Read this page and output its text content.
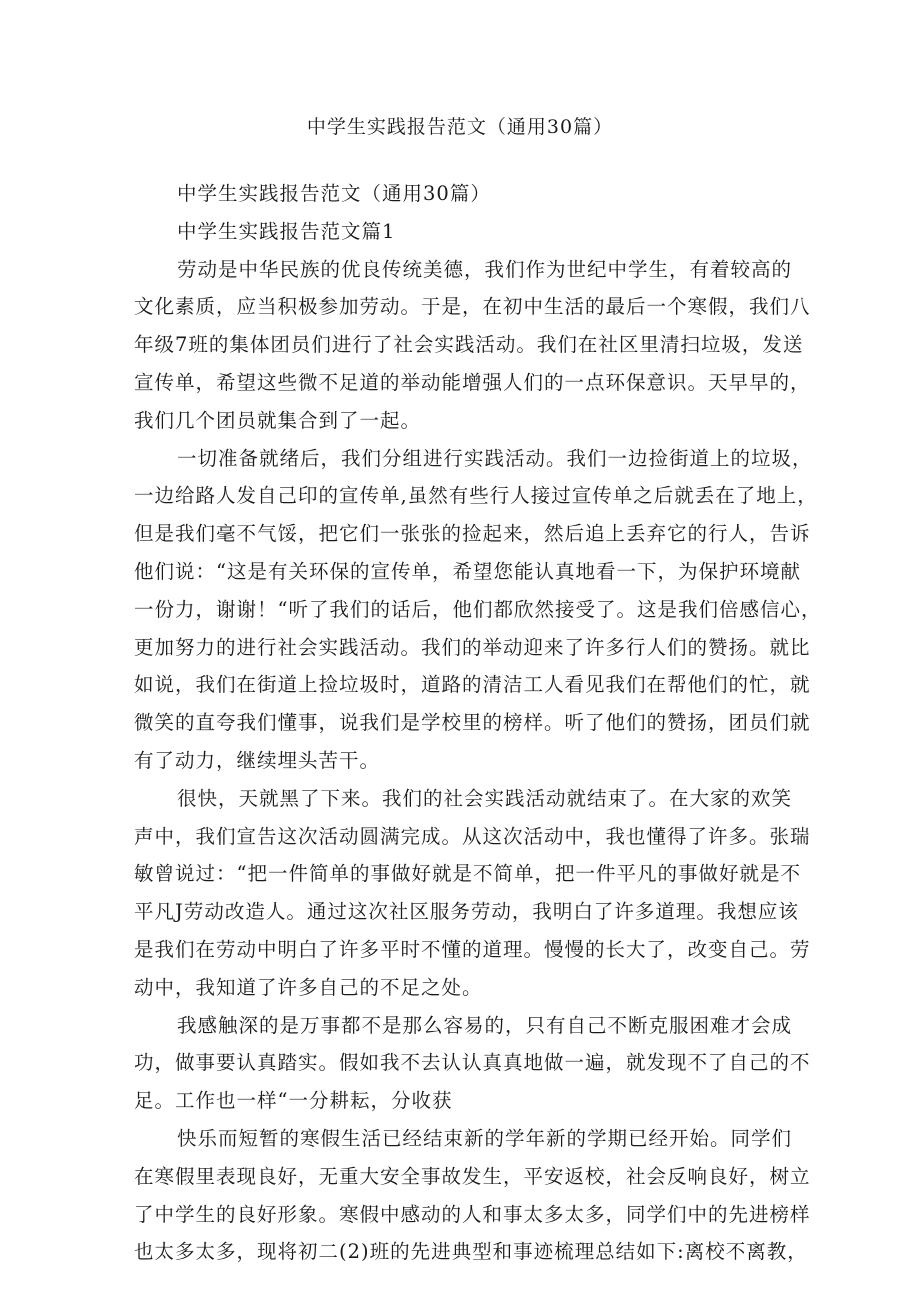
中学生实践报告范文（通用30篇）
中学生实践报告范文（通用30篇）
中学生实践报告范文篇1
劳动是中华民族的优良传统美德，我们作为世纪中学生，有着较高的
文化素质，应当积极参加劳动。于是，在初中生活的最后一个寒假，我们八
年级7班的集体团员们进行了社会实践活动。我们在社区里清扫垃圾，发送
宣传单，希望这些微不足道的举动能增强人们的一点环保意识。天早早的，
我们几个团员就集合到了一起。
一切准备就绪后，我们分组进行实践活动。我们一边捡街道上的垃圾，
一边给路人发自己印的宣传单,虽然有些行人接过宣传单之后就丢在了地上，
但是我们毫不气馁，把它们一张张的捡起来，然后追上丢弃它的行人，告诉
他们说：“这是有关环保的宣传单，希望您能认真地看一下，为保护环境献
一份力，谢谢！“听了我们的话后，他们都欣然接受了。这是我们倍感信心，
更加努力的进行社会实践活动。我们的举动迎来了许多行人们的赞扬。就比
如说，我们在街道上捡垃圾时，道路的清洁工人看见我们在帮他们的忙，就
微笑的直夸我们懂事，说我们是学校里的榜样。听了他们的赞扬，团员们就
有了动力，继续埋头苦干。
很快，天就黑了下来。我们的社会实践活动就结束了。在大家的欢笑
声中，我们宣告这次活动圆满完成。从这次活动中，我也懂得了许多。张瑞
敏曾说过：“把一件简单的事做好就是不简单，把一件平凡的事做好就是不
平凡J劳动改造人。通过这次社区服务劳动，我明白了许多道理。我想应该
是我们在劳动中明白了许多平时不懂的道理。慢慢的长大了，改变自己。劳
动中，我知道了许多自己的不足之处。
我感触深的是万事都不是那么容易的，只有自己不断克服困难才会成
功，做事要认真踏实。假如我不去认认真真地做一遍，就发现不了自己的不
足。工作也一样“一分耕耘，分收获
快乐而短暂的寒假生活已经结束新的学年新的学期已经开始。同学们
在寒假里表现良好，无重大安全事故发生，平安返校，社会反响良好，树立
了中学生的良好形象。寒假中感动的人和事太多太多，同学们中的先进榜样
也太多太多，现将初二(2)班的先进典型和事迹梳理总结如下:离校不离教，
